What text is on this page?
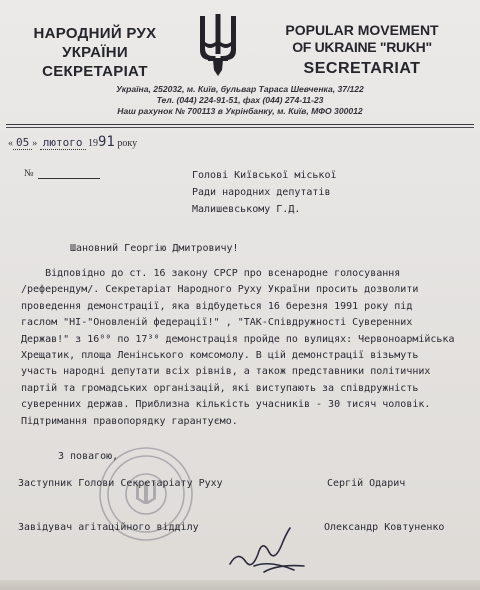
НАРОДНИЙ РУХ
УКРАЇНИ
СЕКРЕТАРІАТ
POPULAR MOVEMENT
OF UKRAINE "RUKH"
SECRETARIAT
Україна, 252032, м. Київ, бульвар Тараса Шевченка, 37/122
Тел. (044) 224-91-51, фах (044) 274-11-23
Наш рахунок № 700113 в Укрінбанку, м. Київ, МФО 300012
« 05 » лютого 1991 року
№	Голові Київської міської
Ради народних депутатів
Малишевському Г.Д.
Шановний Георгію Дмитровичу!
Відповідно до ст. 16 закону СРСР про всенародне голосування
/референдум/. Секретаріат Народного Руху України просить дозволити
проведення демонстрації, яка відбудеться 16 березня 1991 року під
гаслом "НІ-"Оновленій федерації!" , "ТАК-Співдружності Суверенних
Держав!" з 16⁰⁰ по 17³⁰ демонстрація пройде по вулицях: Червоноармійська
Хрещатик, площа Ленінського комсомолу. В цій демонстрації візьмуть
участь народні депутати всіх рівнів, а також представники політичних
партій та громадських організацій, які виступають за співдружність
суверенних держав. Приблизна кількість учасників - 30 тисяч чоловік.
Підтримання правопорядку гарантуємо.
З повагою,
Заступник Голови Секретаріату Руху	Сергій Одарич
Завідувач агітаційного відділу	Олександр Ковтуненко
